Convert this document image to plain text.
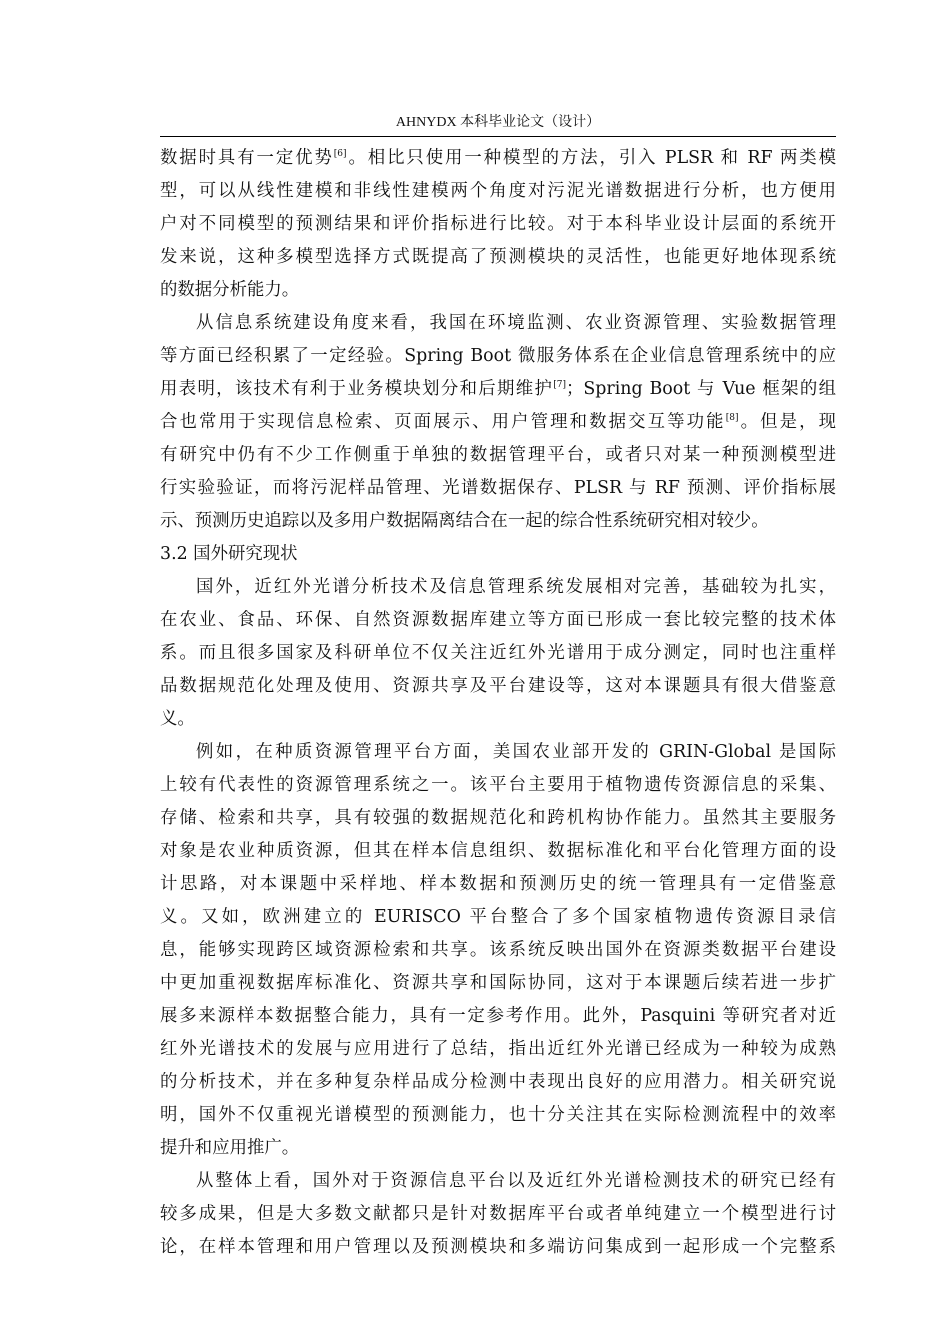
AHNYDX 本科毕业论文（设计）
数据时具有一定优势[6]。相比只使用一种模型的方法，引入 PLSR 和 RF 两类模
型，可以从线性建模和非线性建模两个角度对污泥光谱数据进行分析，也方便用
户对不同模型的预测结果和评价指标进行比较。对于本科毕业设计层面的系统开
发来说，这种多模型选择方式既提高了预测模块的灵活性，也能更好地体现系统
的数据分析能力。
从信息系统建设角度来看，我国在环境监测、农业资源管理、实验数据管理
等方面已经积累了一定经验。Spring Boot 微服务体系在企业信息管理系统中的应
用表明，该技术有利于业务模块划分和后期维护[7]；Spring Boot 与 Vue 框架的组
合也常用于实现信息检索、页面展示、用户管理和数据交互等功能[8]。但是，现
有研究中仍有不少工作侧重于单独的数据管理平台，或者只对某一种预测模型进
行实验验证，而将污泥样品管理、光谱数据保存、PLSR 与 RF 预测、评价指标展
示、预测历史追踪以及多用户数据隔离结合在一起的综合性系统研究相对较少。
3.2 国外研究现状
国外，近红外光谱分析技术及信息管理系统发展相对完善，基础较为扎实，
在农业、食品、环保、自然资源数据库建立等方面已形成一套比较完整的技术体
系。而且很多国家及科研单位不仅关注近红外光谱用于成分测定，同时也注重样
品数据规范化处理及使用、资源共享及平台建设等，这对本课题具有很大借鉴意
义。
例如，在种质资源管理平台方面，美国农业部开发的 GRIN-Global 是国际
上较有代表性的资源管理系统之一。该平台主要用于植物遗传资源信息的采集、
存储、检索和共享，具有较强的数据规范化和跨机构协作能力。虽然其主要服务
对象是农业种质资源，但其在样本信息组织、数据标准化和平台化管理方面的设
计思路，对本课题中采样地、样本数据和预测历史的统一管理具有一定借鉴意
义。又如，欧洲建立的 EURISCO 平台整合了多个国家植物遗传资源目录信
息，能够实现跨区域资源检索和共享。该系统反映出国外在资源类数据平台建设
中更加重视数据库标准化、资源共享和国际协同，这对于本课题后续若进一步扩
展多来源样本数据整合能力，具有一定参考作用。此外，Pasquini 等研究者对近
红外光谱技术的发展与应用进行了总结，指出近红外光谱已经成为一种较为成熟
的分析技术，并在多种复杂样品成分检测中表现出良好的应用潜力。相关研究说
明，国外不仅重视光谱模型的预测能力，也十分关注其在实际检测流程中的效率
提升和应用推广。
从整体上看，国外对于资源信息平台以及近红外光谱检测技术的研究已经有
较多成果，但是大多数文献都只是针对数据库平台或者单纯建立一个模型进行讨
论，在样本管理和用户管理以及预测模块和多端访问集成到一起形成一个完整系
